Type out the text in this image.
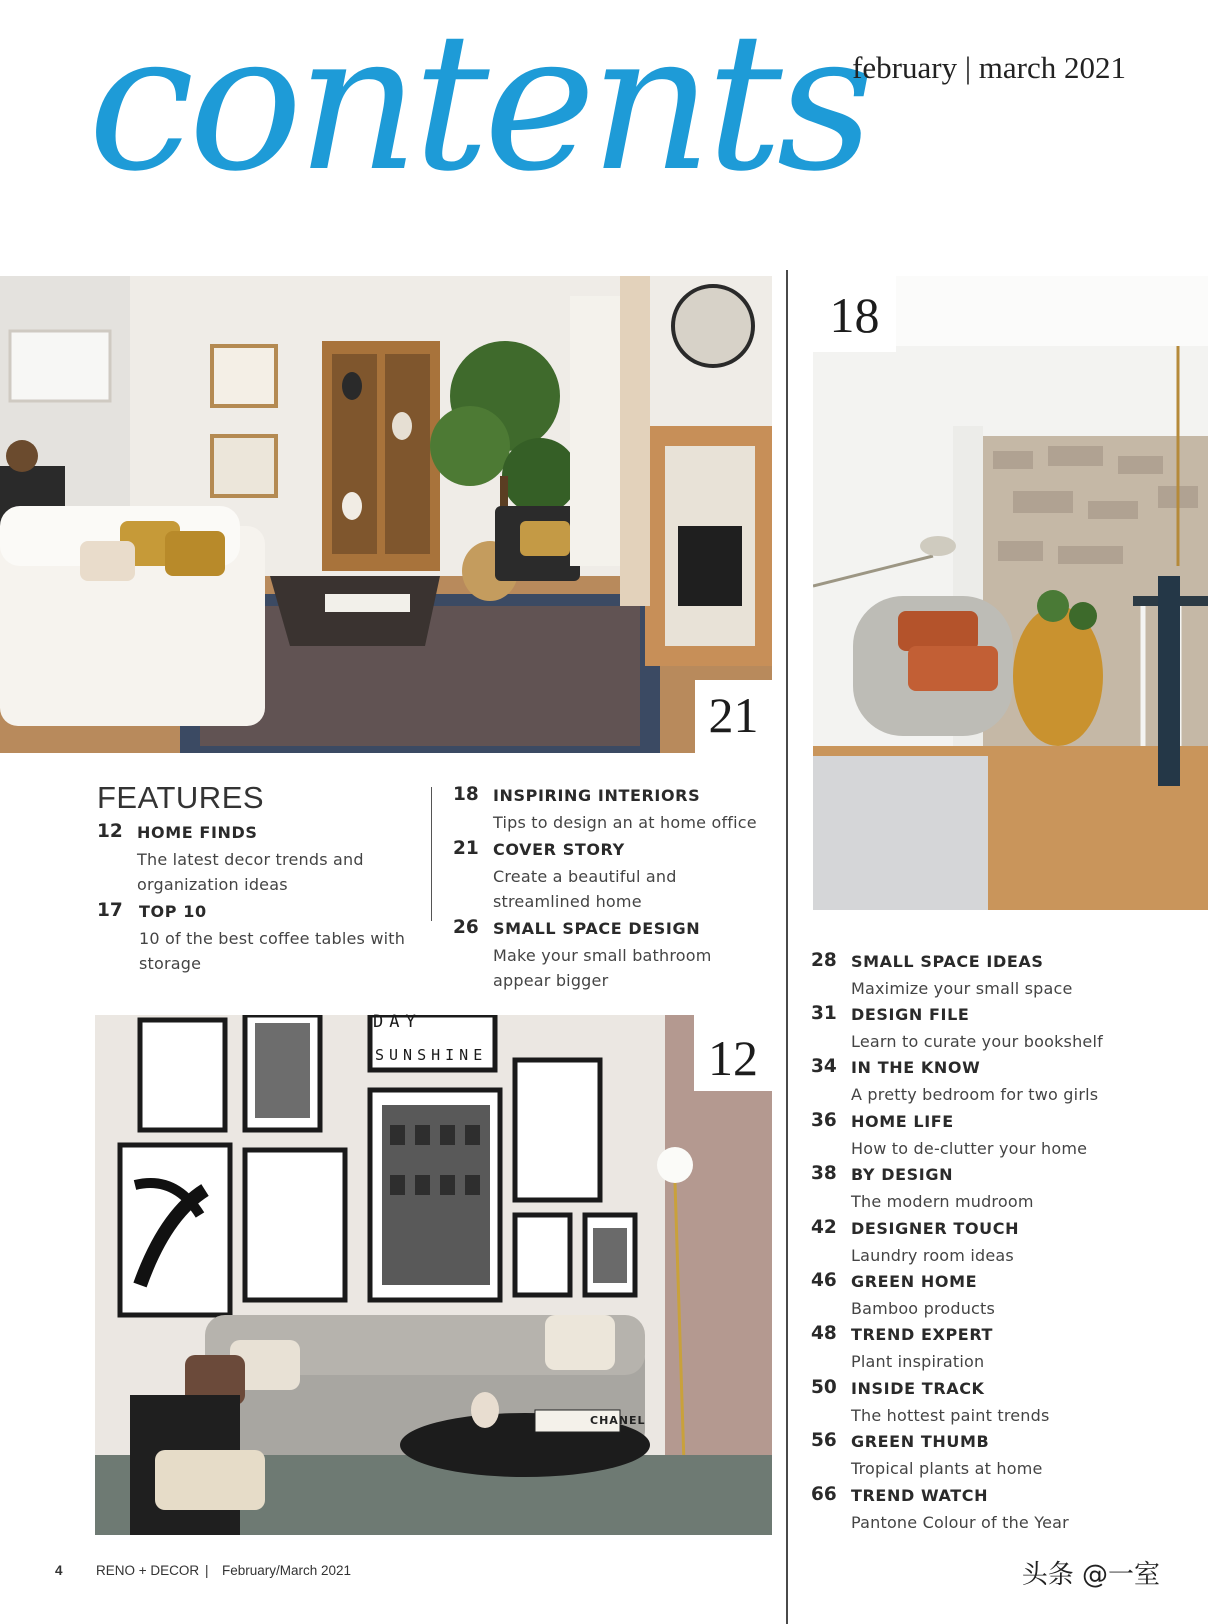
contents
february | march 2021
21
18
DAY
SUNSHINE
CHANEL
12
FEATURES
12 HOME FINDS
The latest decor trends and
organization ideas
17 TOP 10
10 of the best coffee tables with
storage
18 INSPIRING INTERIORS
Tips to design an at home office
21 COVER STORY
Create a beautiful and
streamlined home
26 SMALL SPACE DESIGN
Make your small bathroom
appear bigger
28 SMALL SPACE IDEAS
Maximize your small space
31 DESIGN FILE
Learn to curate your bookshelf
34 IN THE KNOW
A pretty bedroom for two girls
36 HOME LIFE
How to de-clutter your home
38 BY DESIGN
The modern mudroom
42 DESIGNER TOUCH
Laundry room ideas
46 GREEN HOME
Bamboo products
48 TREND EXPERT
Plant inspiration
50 INSIDE TRACK
The hottest paint trends
56 GREEN THUMB
Tropical plants at home
66 TREND WATCH
Pantone Colour of the Year
4 RENO + DECOR | February/March 2021	头条 @一室
